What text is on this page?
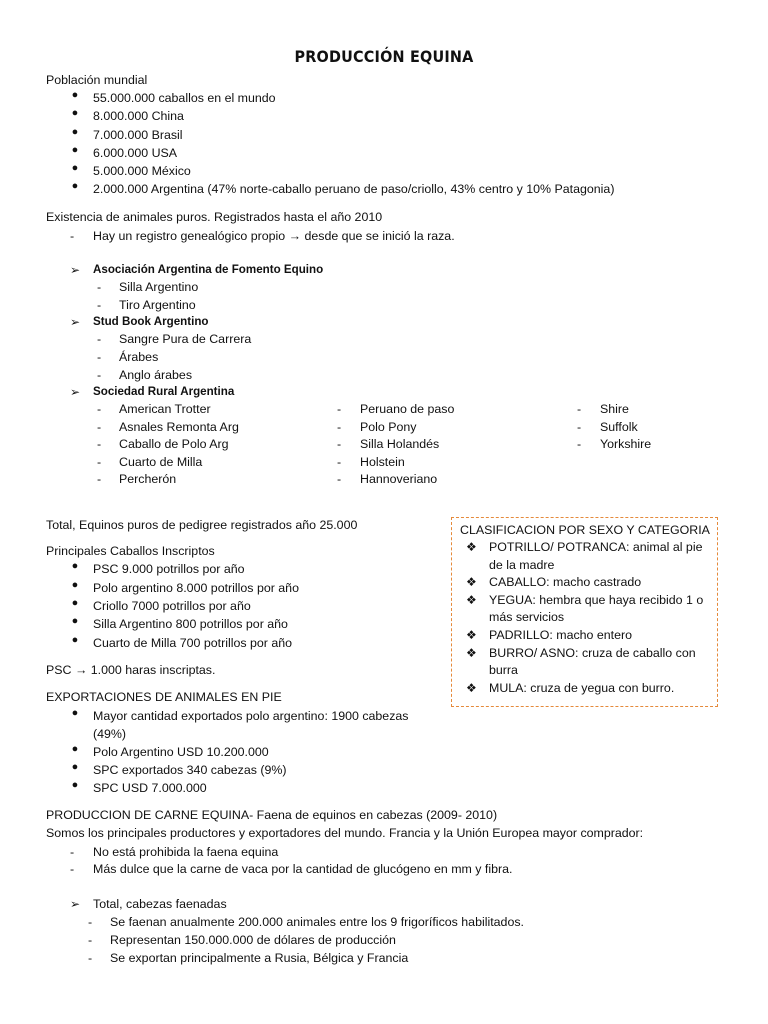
PRODUCCIÓN EQUINA
Población mundial
● 55.000.000 caballos en el mundo
● 8.000.000 China
● 7.000.000 Brasil
● 6.000.000 USA
● 5.000.000 México
● 2.000.000 Argentina (47% norte-caballo peruano de paso/criollo, 43% centro y 10% Patagonia)
Existencia de animales puros. Registrados hasta el año 2010
-	Hay un registro genealógico propio → desde que se inició la raza.
➢ Asociación Argentina de Fomento Equino
-	Silla Argentino
-	Tiro Argentino
➢ Stud Book Argentino
-	Sangre Pura de Carrera
-	Árabes
-	Anglo árabes
➢ Sociedad Rural Argentina
-	American Trotter
-	Asnales Remonta Arg
-	Caballo de Polo Arg
-	Cuarto de Milla
-	Percherón
-	Peruano de paso
-	Polo Pony
-	Silla Holandés
-	Holstein
-	Hannoveriano
-	Shire
-	Suffolk
-	Yorkshire
Total, Equinos puros de pedigree registrados año 25.000
Principales Caballos Inscriptos
● PSC 9.000 potrillos por año
● Polo argentino 8.000 potrillos por año
● Criollo 7000 potrillos por año
● Silla Argentino 800 potrillos por año
● Cuarto de Milla 700 potrillos por año
PSC → 1.000 haras inscriptas.
EXPORTACIONES DE ANIMALES EN PIE
● Mayor cantidad exportados polo argentino: 1900 cabezas
(49%)
● Polo Argentino USD 10.200.000
● SPC exportados 340 cabezas (9%)
● SPC USD 7.000.000
CLASIFICACION POR SEXO Y CATEGORIA
❖ POTRILLO/ POTRANCA: animal al pie
de la madre
❖ CABALLO: macho castrado
❖ YEGUA: hembra que haya recibido 1 o
más servicios
❖ PADRILLO: macho entero
❖ BURRO/ ASNO: cruza de caballo con
burra
❖ MULA: cruza de yegua con burro.
PRODUCCION DE CARNE EQUINA- Faena de equinos en cabezas (2009- 2010)
Somos los principales productores y exportadores del mundo. Francia y la Unión Europea mayor comprador:
-	No está prohibida la faena equina
-	Más dulce que la carne de vaca por la cantidad de glucógeno en mm y fibra.
➢ Total, cabezas faenadas
-	Se faenan anualmente 200.000 animales entre los 9 frigoríficos habilitados.
-	Representan 150.000.000 de dólares de producción
-	Se exportan principalmente a Rusia, Bélgica y Francia
